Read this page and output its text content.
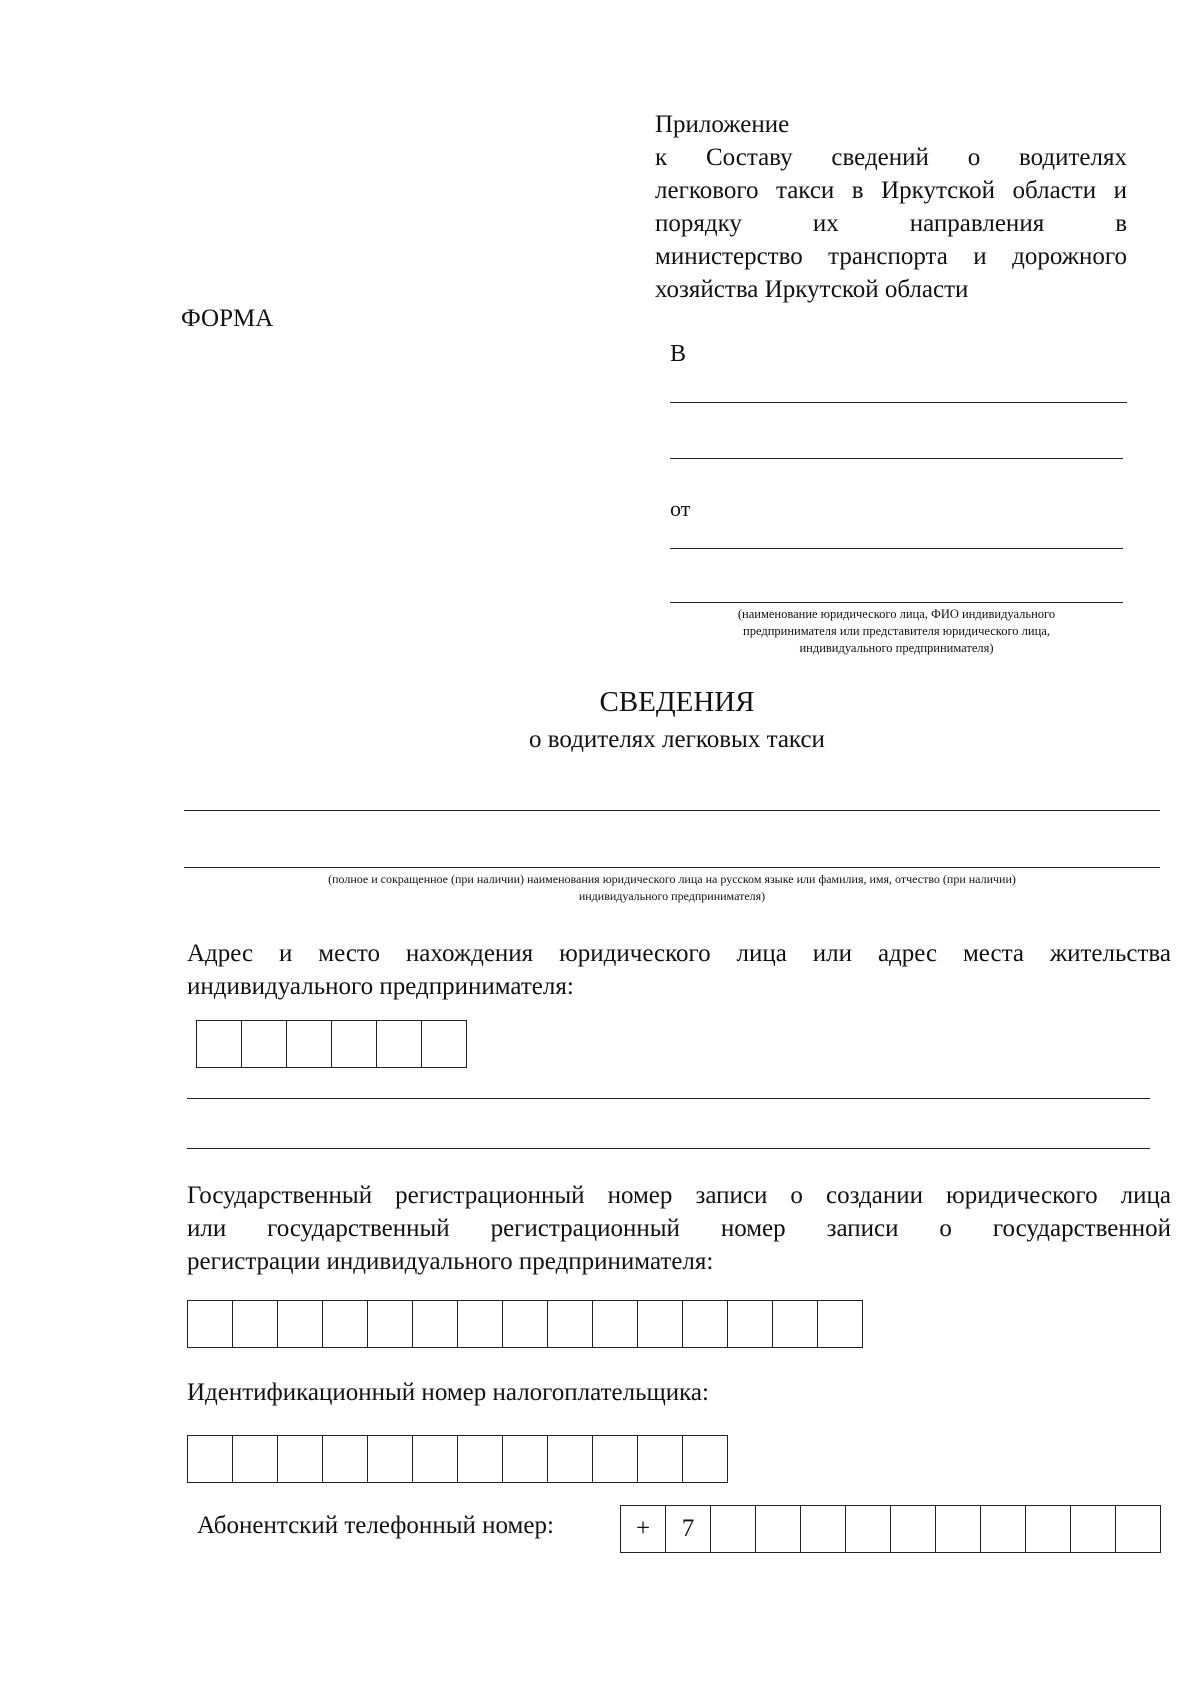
Приложение
к Составу сведений о водителях
легкового такси в Иркутской области и
порядку их направления в
министерство транспорта и дорожного
хозяйства Иркутской области
ФОРМА
В
от
(наименование юридического лица, ФИО индивидуального
предпринимателя или представителя юридического лица,
индивидуального предпринимателя)
СВЕДЕНИЯ
о водителях легковых такси
(полное и сокращенное (при наличии) наименования юридического лица на русском языке или фамилия, имя, отчество (при наличии)
индивидуального предпринимателя)
Адрес и место нахождения юридического лица или адрес места жительства
индивидуального предпринимателя:
Государственный регистрационный номер записи о создании юридического лица
или государственный регистрационный номер записи о государственной
регистрации индивидуального предпринимателя:
Идентификационный номер налогоплательщика:
Абонентский телефонный номер:	+	7
